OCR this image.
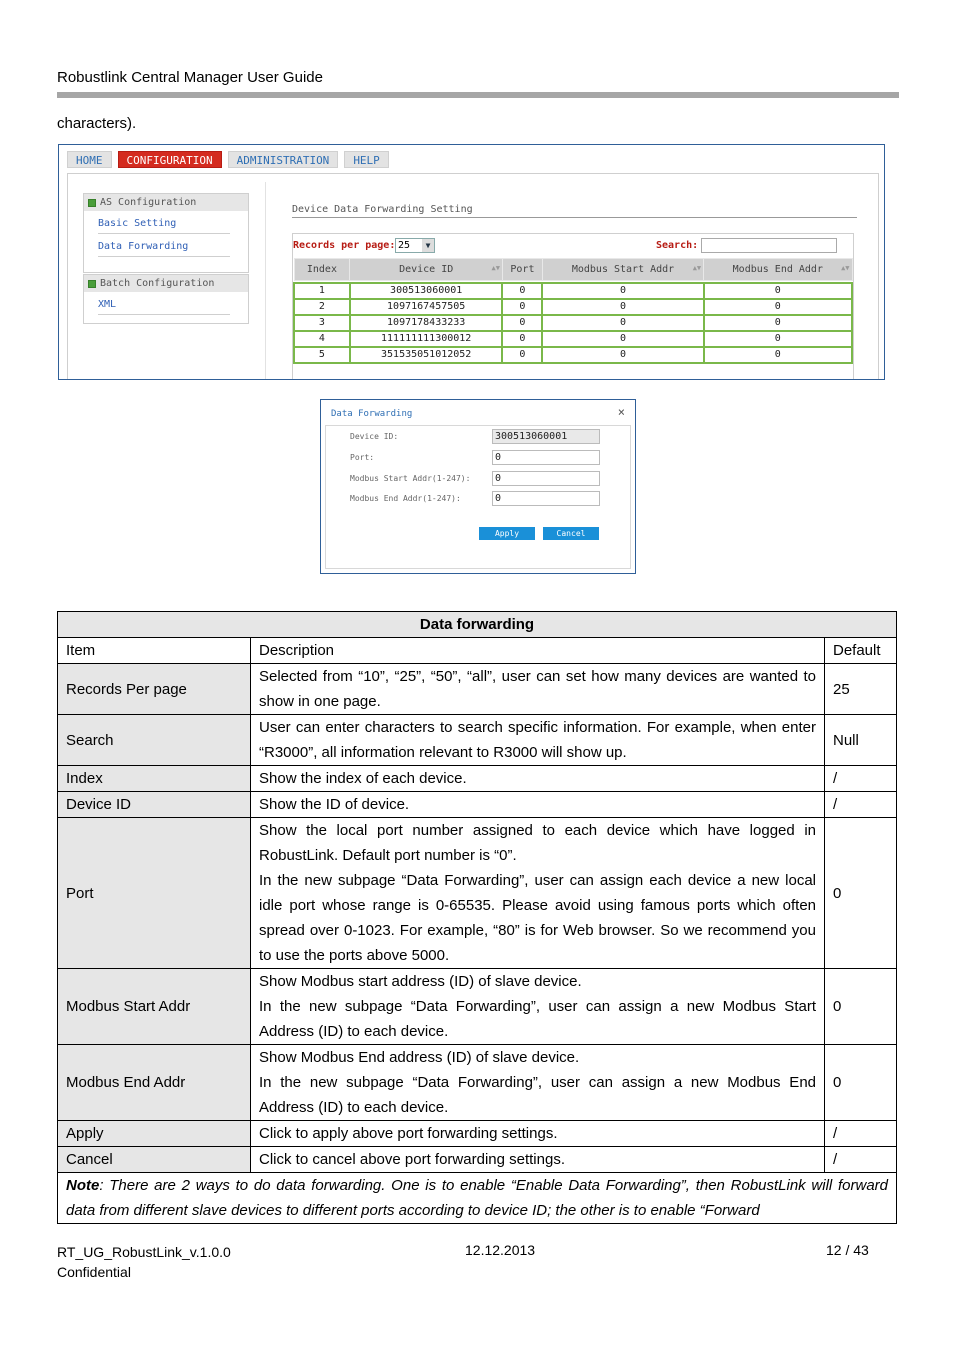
Robustlink Central Manager User Guide
characters).
HOME	CONFIGURATION	ADMINISTRATION	HELP
AS Configuration
Basic Setting
Data Forwarding
Batch Configuration
XML
Device Data Forwarding Setting
Records per page: 25	▼	Search:
Index	Device ID ▲▼	Port	Modbus Start Addr ▲▼	Modbus End Addr ▲▼

1	300513060001	0	0	0
2	1097167457505	0	0	0
3	1097178433233	0	0	0
4	111111111300012	0	0	0
5	351535051012052	0	0	0
Data Forwarding	×
Device ID:	300513060001
Port:	0
Modbus Start Addr(1-247):	0
Modbus End Addr(1-247):	0
Apply	Cancel
Data forwarding		
Item	Description	Default
Records Per page	Selected from “10”, “25”, “50”, “all”, user can set how many devices are wanted to show in one page.	25
Search	User can enter characters to search specific information. For example, when enter “R3000”, all information relevant to R3000 will show up.	Null
Index	Show the index of each device.	/
Device ID	Show the ID of device.	/
Port	Show the local port number assigned to each device which have logged in RobustLink. Default port number is “0”.
In the new subpage “Data Forwarding”, user can assign each device a new local idle port whose range is 0-65535. Please avoid using famous ports which often spread over 0-1023. For example, “80” is for Web browser. So we recommend you to use the ports above 5000.	0
Modbus Start Addr	Show Modbus start address (ID) of slave device.
In the new subpage “Data Forwarding”, user can assign a new Modbus Start Address (ID) to each device.	0
Modbus End Addr	Show Modbus End address (ID) of slave device.
In the new subpage “Data Forwarding”, user can assign a new Modbus End Address (ID) to each device.	0
Apply	Click to apply above port forwarding settings.	/
Cancel	Click to cancel above port forwarding settings.	/
Note: There are 2 ways to do data forwarding. One is to enable “Enable Data Forwarding”, then RobustLink will forward data from different slave devices to different ports according to device ID; the other is to enable “Forward		
RT_UG_RobustLink_v.1.0.0
Confidential
12.12.2013	12 / 43
